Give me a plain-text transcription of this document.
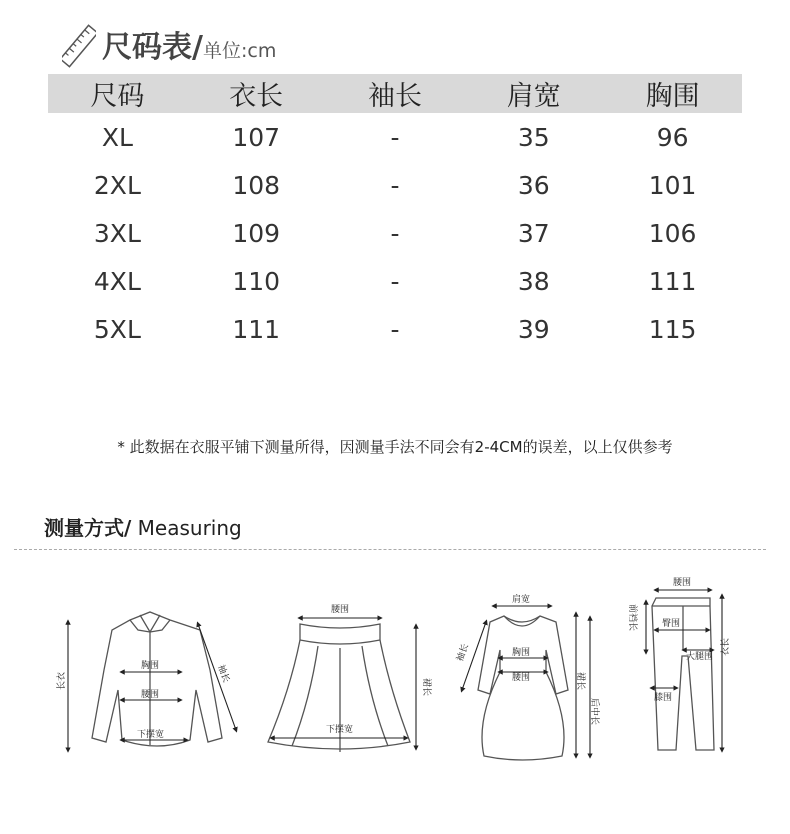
尺码表/ 单位:cm
尺码	衣长	袖长	肩宽	胸围
XL	107	-	35	96
2XL	108	-	36	101
3XL	109	-	37	106
4XL	110	-	38	111
5XL	111	-	39	115
* 此数据在衣服平铺下测量所得，因测量手法不同会有2-4CM的误差，以上仅供参考
测量方式/ Measuring
长衣
胸围
腰围
下摆宽
袖长
腰围
下摆宽
裙长
肩宽
袖长	胸围
腰围	裙长
后中长
腰围
前裆长	臀围
大腿围
膝围
衣长
